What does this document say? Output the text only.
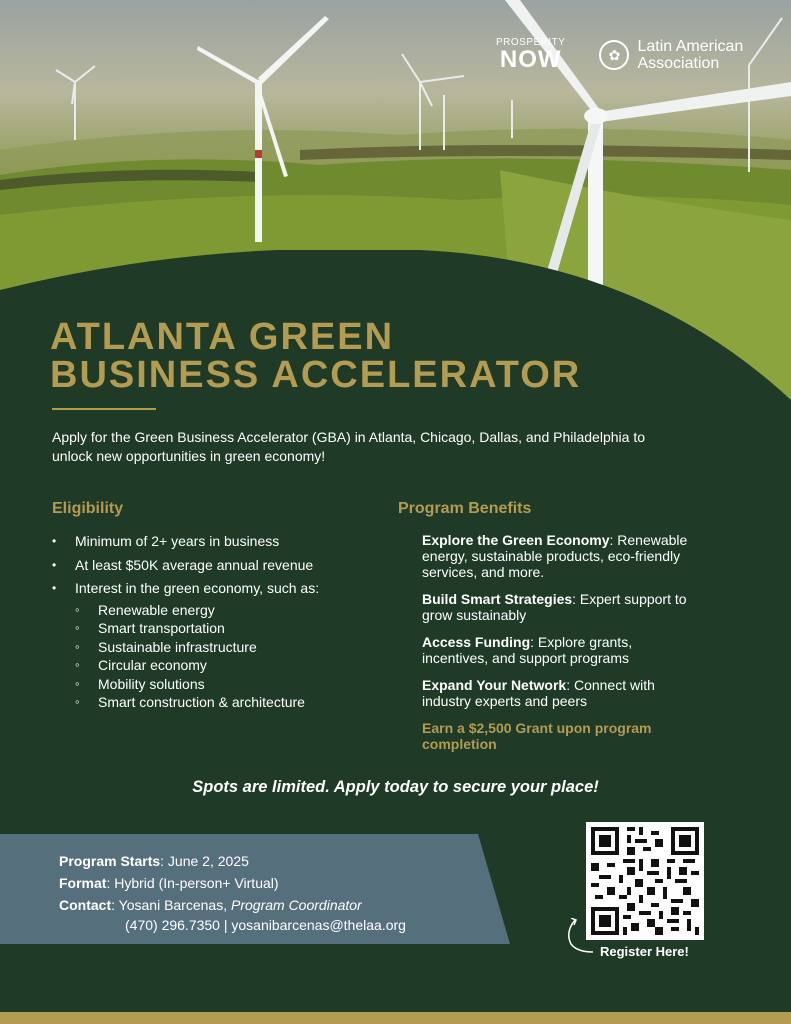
PROSPERITY
NOW	✿	Latin American
Association
ATLANTA GREEN
BUSINESS ACCELERATOR

Apply for the Green Business Accelerator (GBA) in Atlanta, Chicago, Dallas, and Philadelphia to unlock new opportunities in green economy!

Eligibility
• Minimum of 2+ years in business
• At least $50K average annual revenue
• Interest in the green economy, such as:
◦ Renewable energy
◦ Smart transportation
◦ Sustainable infrastructure
◦ Circular economy
◦ Mobility solutions
◦ Smart construction & architecture
Program Benefits
Explore the Green Economy: Renewable energy, sustainable products, eco-friendly services, and more.
Build Smart Strategies: Expert support to grow sustainably
Access Funding: Explore grants, incentives, and support programs
Expand Your Network: Connect with industry experts and peers
Earn a $2,500 Grant upon program completion
Spots are limited. Apply today to secure your place!
Program Starts: June 2, 2025
Format: Hybrid (In-person+ Virtual)
Contact: Yosani Barcenas, Program Coordinator
(470) 296.7350 | yosanibarcenas@thelaa.org
Register Here!
